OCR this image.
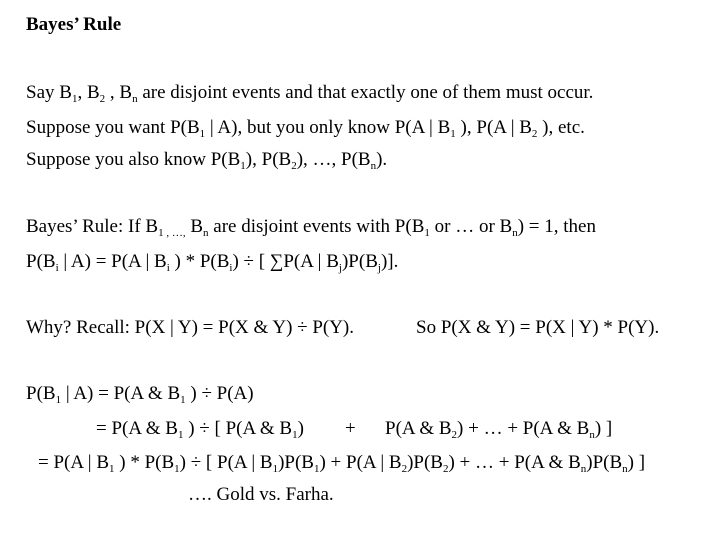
Bayes’ Rule
Say $B_1$, $B_2$ , $B_n$ are disjoint events and that exactly one of them must occur.
Suppose you want $P(B_1$ | A), but you only know P(A | $B_1$ ), P(A | $B_2$ ), etc.
Suppose you also know $P(B_1)$, $P(B_2)$, …, $P(B_n)$.
Bayes’ Rule: If $B_{1 , \dots,}$ $B_n$ are disjoint events with $P(B_1$ or … or $B_n) = 1$, then
$P(B_i$ | A) = P(A | $B_i$ ) * $P(B_i)$ ÷ [ ∑P(A | $B_j)P(B_j)$].
Why? Recall: P(X | Y) = P(X & Y) ÷ P(Y).	So P(X & Y) = P(X | Y) * P(Y).
$P(B_1$ | A) = P(A & $B_1$ ) ÷ P(A)
= P(A & $B_1$ ) ÷ [ P(A & $B_1) + P(A$ & $B_2$) + … + P(A & $B_n$) ]
= P(A | $B_1$ ) * $P(B_1)$ ÷ [ P(A | $B_1)P(B_1) + P(A$ | $B_2)P(B_2)$ + … + P(A & $B_n)P(B_n)$ ]
…. Gold vs. Farha.
